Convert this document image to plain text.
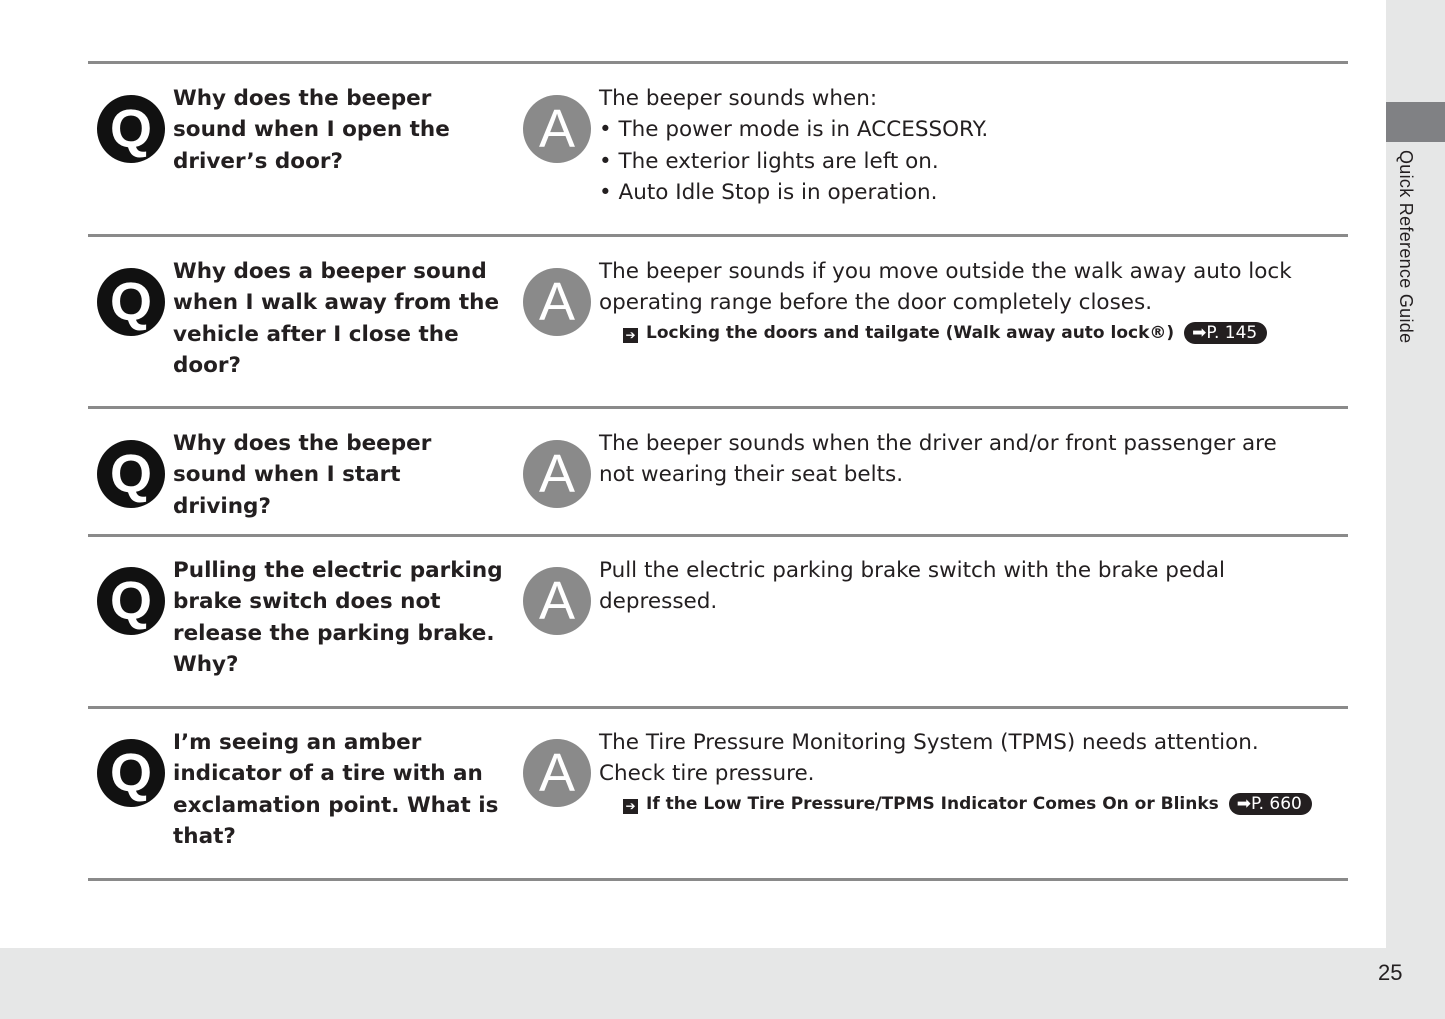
Quick Reference Guide
25
Q
Why does the beeper
sound when I open the
driver’s door?
A
The beeper sounds when:
• The power mode is in ACCESSORY.
• The exterior lights are left on.
• Auto Idle Stop is in operation.
Q
Why does a beeper sound
when I walk away from the
vehicle after I close the
door?
A
The beeper sounds if you move outside the walk away auto lock
operating range before the door completely closes.
➔ Locking the doors and tailgate (Walk away auto lock®) ➡P. 145
Q
Why does the beeper
sound when I start driving?
A
The beeper sounds when the driver and/or front passenger are
not wearing their seat belts.
Q
Pulling the electric parking
brake switch does not
release the parking brake.
Why?
A
Pull the electric parking brake switch with the brake pedal
depressed.
Q
I’m seeing an amber
indicator of a tire with an
exclamation point. What is
that?
A
The Tire Pressure Monitoring System (TPMS) needs attention.
Check tire pressure.
➔ If the Low Tire Pressure/TPMS Indicator Comes On or Blinks ➡P. 660
